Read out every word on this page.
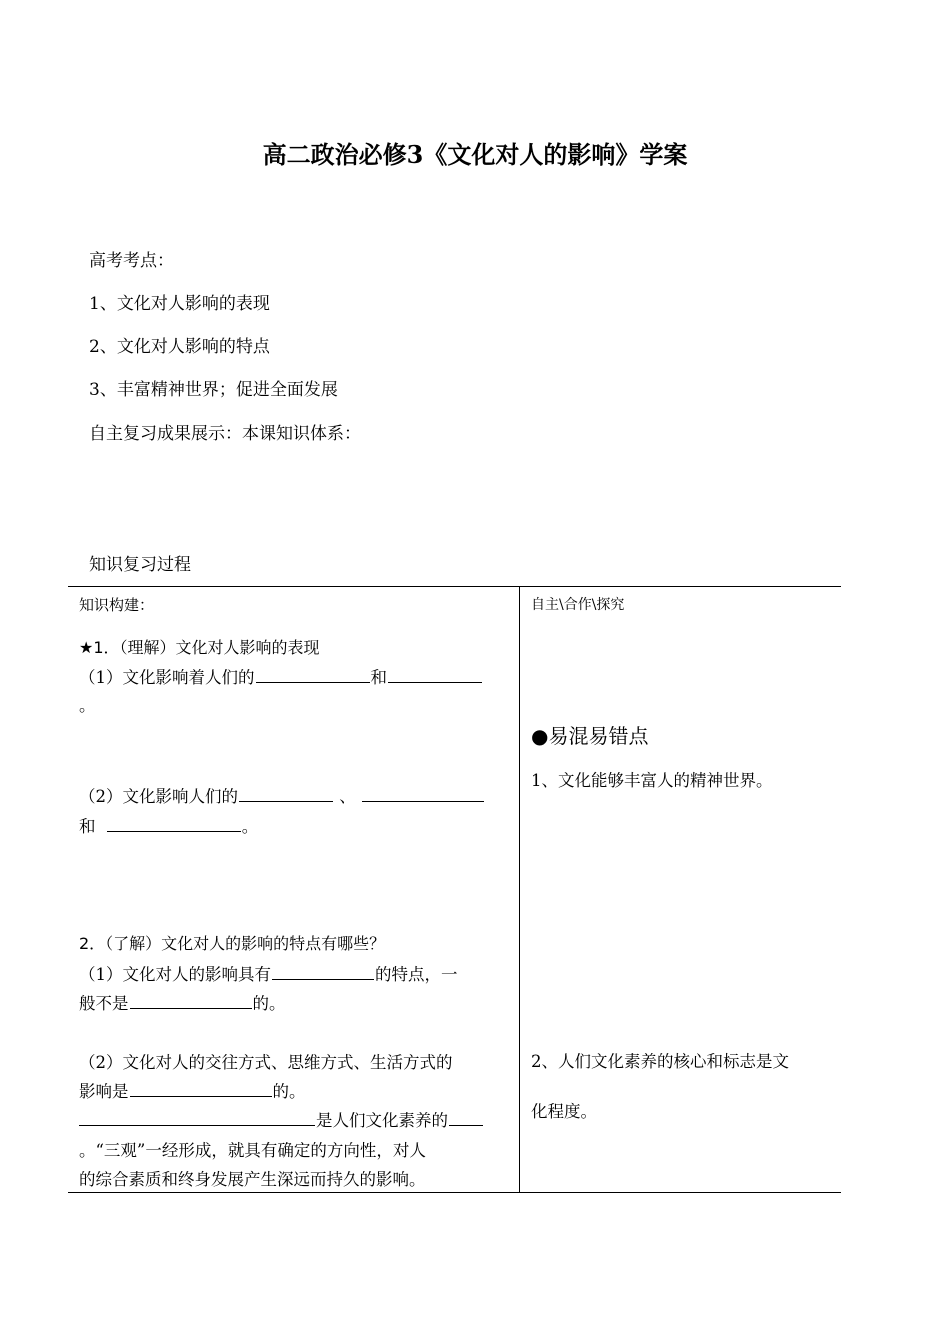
高二政治必修3《文化对人的影响》学案
高考考点：
1、文化对人影响的表现
2、文化对人影响的特点
3、丰富精神世界；促进全面发展
自主复习成果展示：本课知识体系：
知识复习过程
知识构建：
★1．（理解）文化对人影响的表现
（1）文化影响着人们的	和
。
（2）文化影响人们的	、
和	。
2．（了解）文化对人的影响的特点有哪些？
（1）文化对人的影响具有	的特点，一
般不是	的。
（2）文化对人的交往方式、思维方式、生活方式的
影响是	的。
是人们文化素养的
。“三观”一经形成，就具有确定的方向性，对人
的综合素质和终身发展产生深远而持久的影响。

自主\合作\探究
●易混易错点
1、文化能够丰富人的精神世界。
2、人们文化素养的核心和标志是文
化程度。
